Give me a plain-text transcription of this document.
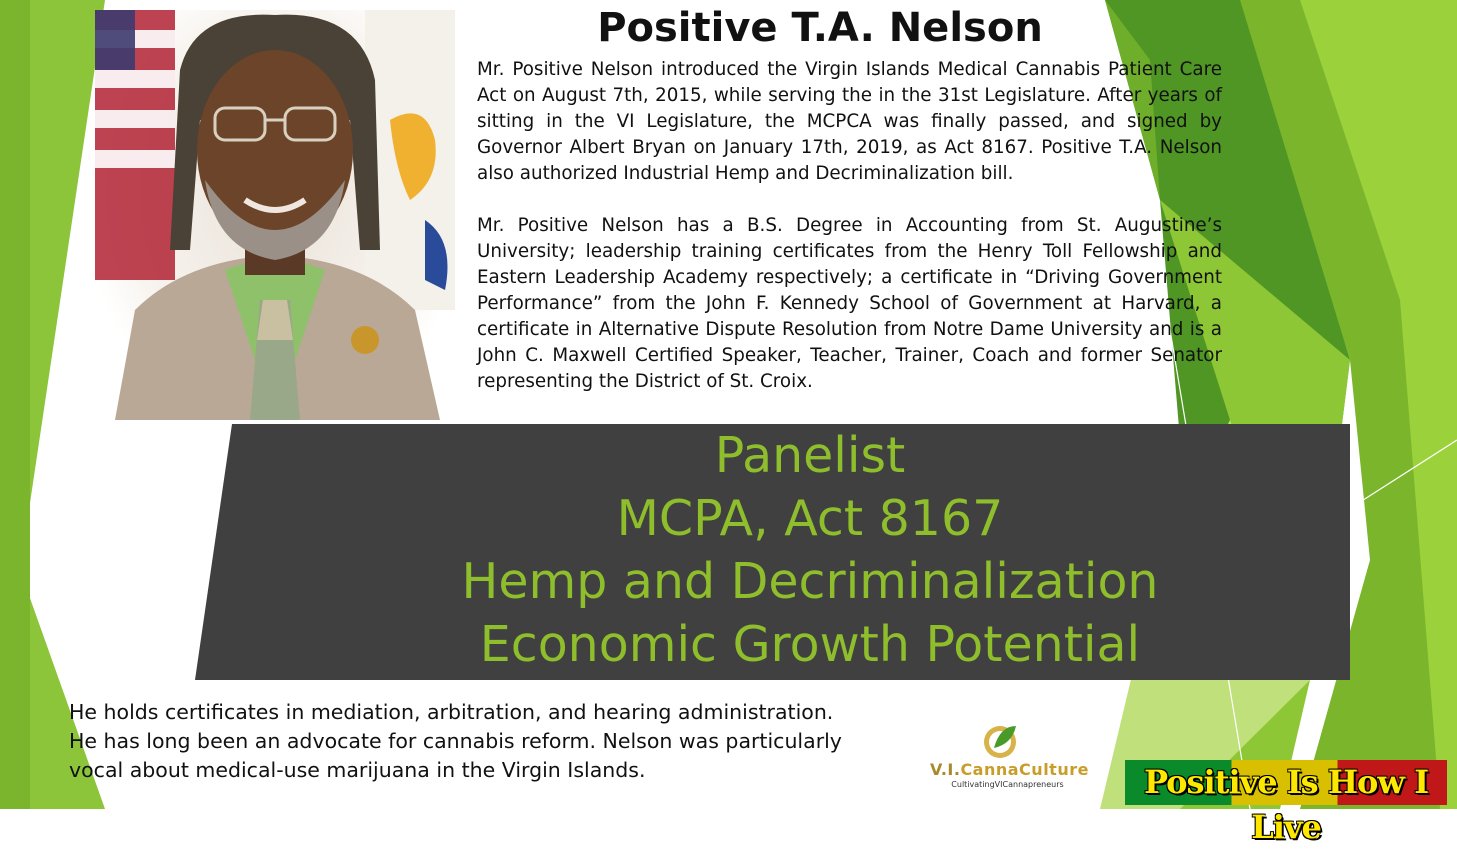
Positive T.A. Nelson

Mr. Positive Nelson introduced the Virgin Islands Medical Cannabis Patient Care Act on August 7th, 2015, while serving the in the 31st Legislature. After years of sitting in the VI Legislature, the MCPCA was finally passed, and signed by Governor Albert Bryan on January 17th, 2019, as Act 8167. Positive T.A. Nelson also authorized Industrial Hemp and Decriminalization bill.

Mr. Positive Nelson has a B.S. Degree in Accounting from St. Augustine’s University; leadership training certificates from the Henry Toll Fellowship and Eastern Leadership Academy respectively; a certificate in “Driving Government Performance” from the John F. Kennedy School of Government at Harvard, a certificate in Alternative Dispute Resolution from Notre Dame University and is a John C. Maxwell Certified Speaker, Teacher, Trainer, Coach and former Senator representing the District of St. Croix.

Panelist
MCPA, Act 8167
Hemp and Decriminalization
Economic Growth Potential
He holds certificates in mediation, arbitration, and hearing administration.
He has long been an advocate for cannabis reform. Nelson was particularly
vocal about medical-use marijuana in the Virgin Islands.	V.I.CannaCulture
CultivatingVICannapreneurs	Positive Is How I Live
